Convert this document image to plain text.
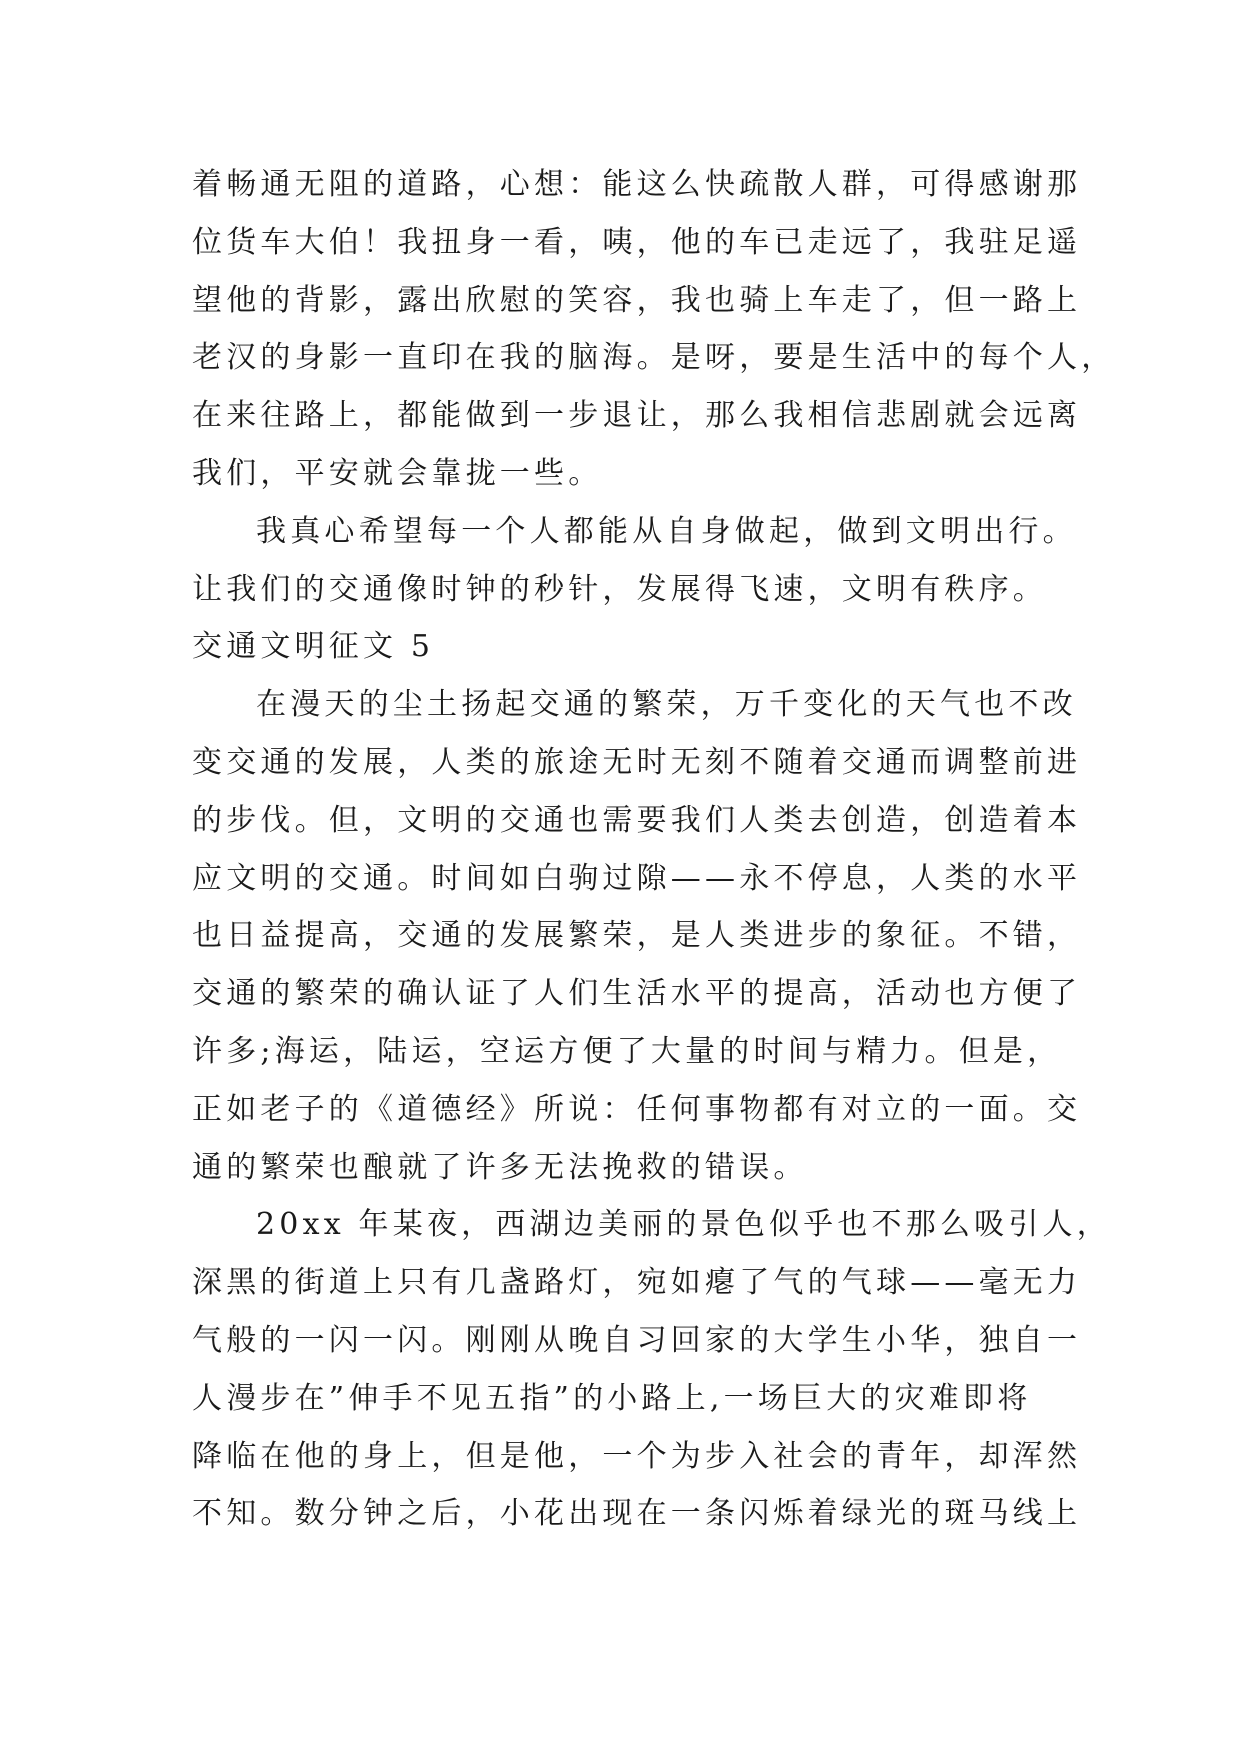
着畅通无阻的道路，心想：能这么快疏散人群，可得感谢那
位货车大伯！我扭身一看，咦，他的车已走远了，我驻足遥
望他的背影，露出欣慰的笑容，我也骑上车走了，但一路上
老汉的身影一直印在我的脑海。是呀，要是生活中的每个人，
在来往路上，都能做到一步退让，那么我相信悲剧就会远离
我们，平安就会靠拢一些。
我真心希望每一个人都能从自身做起，做到文明出行。
让我们的交通像时钟的秒针，发展得飞速，文明有秩序。
交通文明征文 5
在漫天的尘土扬起交通的繁荣，万千变化的天气也不改
变交通的发展，人类的旅途无时无刻不随着交通而调整前进
的步伐。但，文明的交通也需要我们人类去创造，创造着本
应文明的交通。时间如白驹过隙——永不停息，人类的水平
也日益提高，交通的发展繁荣，是人类进步的象征。不错，
交通的繁荣的确认证了人们生活水平的提高，活动也方便了
许多;海运，陆运，空运方便了大量的时间与精力。但是，
正如老子的《道德经》所说：任何事物都有对立的一面。交
通的繁荣也酿就了许多无法挽救的错误。
20xx 年某夜，西湖边美丽的景色似乎也不那么吸引人，
深黑的街道上只有几盏路灯，宛如瘪了气的气球——毫无力
气般的一闪一闪。刚刚从晚自习回家的大学生小华，独自一
人漫步在”伸手不见五指”的小路上,一场巨大的灾难即将
降临在他的身上，但是他，一个为步入社会的青年，却浑然
不知。数分钟之后，小花出现在一条闪烁着绿光的斑马线上
